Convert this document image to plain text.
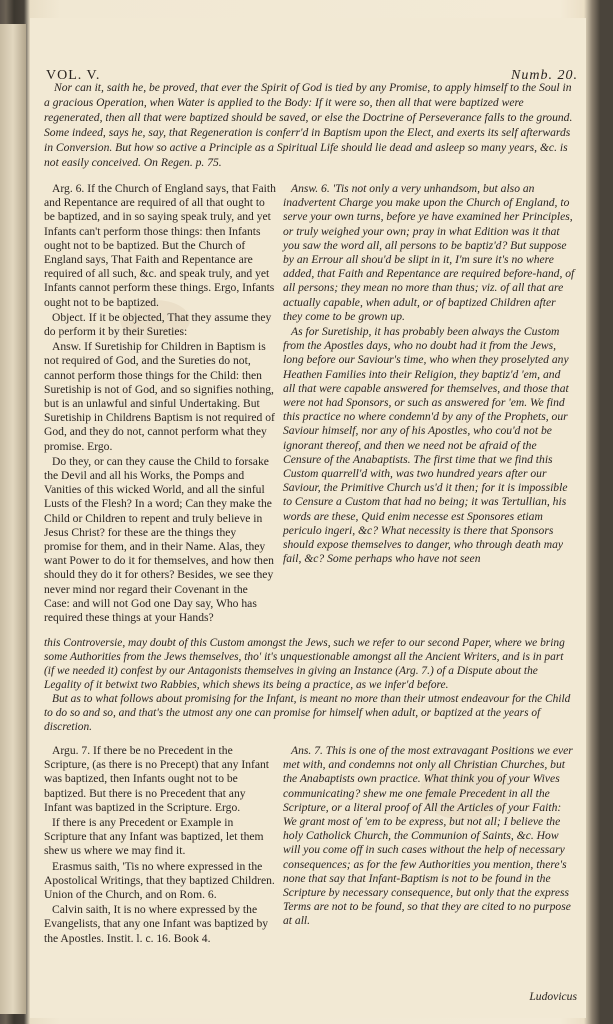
VOL. V.	Numb. 20.

Nor can it, saith he, be proved, that ever the Spirit of God is tied by any Promise, to apply himself to the Soul in a gracious Operation, when Water is applied to the Body: If it were so, then all that were baptized were regenerated, then all that were baptized should be saved, or else the Doctrine of Perseverance falls to the ground. Some indeed, says he, say, that Regeneration is conferr'd in Baptism upon the Elect, and exerts its self afterwards in Conversion. But how so active a Principle as a Spiritual Life should lie dead and asleep so many years, &c. is not easily conceived. On Regen. p. 75.

Arg. 6. If the Church of England says, that Faith and Repentance are required of all that ought to be baptized, and in so saying speak truly, and yet Infants can't perform those things: then Infants ought not to be baptized. But the Church of England says, That Faith and Repentance are required of all such, &c. and speak truly, and yet Infants cannot perform these things. Ergo, Infants ought not to be baptized.

Object. If it be objected, That they assume they do perform it by their Sureties:

Answ. If Suretiship for Children in Baptism is not required of God, and the Sureties do not, cannot perform those things for the Child: then Suretiship is not of God, and so signifies nothing, but is an unlawful and sinful Undertaking. But Suretiship in Childrens Baptism is not required of God, and they do not, cannot perform what they promise. Ergo.

Do they, or can they cause the Child to forsake the Devil and all his Works, the Pomps and Vanities of this wicked World, and all the sinful Lusts of the Flesh? In a word; Can they make the Child or Children to repent and truly believe in Jesus Christ? for these are the things they promise for them, and in their Name. Alas, they want Power to do it for themselves, and how then should they do it for others? Besides, we see they never mind nor regard their Covenant in the Case: and will not God one Day say, Who has required these things at your Hands?

Answ. 6. 'Tis not only a very unhandsom, but also an inadvertent Charge you make upon the Church of England, to serve your own turns, before ye have examined her Principles, or truly weighed your own; pray in what Edition was it that you saw the word all, all persons to be baptiz'd? But suppose by an Errour all shou'd be slipt in it, I'm sure it's no where added, that Faith and Repentance are required before-hand, of all persons; they mean no more than thus; viz. of all that are actually capable, when adult, or of baptized Children after they come to be grown up.

As for Suretiship, it has probably been always the Custom from the Apostles days, who no doubt had it from the Jews, long before our Saviour's time, who when they proselyted any Heathen Families into their Religion, they baptiz'd 'em, and all that were capable answered for themselves, and those that were not had Sponsors, or such as answered for 'em. We find this practice no where condemn'd by any of the Prophets, our Saviour himself, nor any of his Apostles, who cou'd not be ignorant thereof, and then we need not be afraid of the Censure of the Anabaptists. The first time that we find this Custom quarrell'd with, was two hundred years after our Saviour, the Primitive Church us'd it then; for it is impossible to Censure a Custom that had no being; it was Tertullian, his words are these, Quid enim necesse est Sponsores etiam periculo ingeri, &c? What necessity is there that Sponsors should expose themselves to danger, who through death may fail, &c? Some perhaps who have not seen

this Controversie, may doubt of this Custom amongst the Jews, such we refer to our second Paper, where we bring some Authorities from the Jews themselves, tho' it's unquestionable amongst all the Ancient Writers, and is in part (if we needed it) confest by our Antagonists themselves in giving an Instance (Arg. 7.) of a Dispute about the Legality of it betwixt two Rabbies, which shews its being a practice, as we infer'd before.

But as to what follows about promising for the Infant, is meant no more than their utmost endeavour for the Child to do so and so, and that's the utmost any one can promise for himself when adult, or baptized at the years of discretion.

Argu. 7. If there be no Precedent in the Scripture, (as there is no Precept) that any Infant was baptized, then Infants ought not to be baptized. But there is no Precedent that any Infant was baptized in the Scripture. Ergo.

If there is any Precedent or Example in Scripture that any Infant was baptized, let them shew us where we may find it.

Erasmus saith, 'Tis no where expressed in the Apostolical Writings, that they baptized Children. Union of the Church, and on Rom. 6.

Calvin saith, It is no where expressed by the Evangelists, that any one Infant was baptized by the Apostles. Instit. l. c. 16. Book 4.

Ans. 7. This is one of the most extravagant Positions we ever met with, and condemns not only all Christian Churches, but the Anabaptists own practice. What think you of your Wives communicating? shew me one female Precedent in all the Scripture, or a literal proof of All the Articles of your Faith: We grant most of 'em to be express, but not all; I believe the holy Catholick Church, the Communion of Saints, &c. How will you come off in such cases without the help of necessary consequences; as for the few Authorities you mention, there's none that say that Infant-Baptism is not to be found in the Scripture by necessary consequence, but only that the express Terms are not to be found, so that they are cited to no purpose at all.

Ludovicus
